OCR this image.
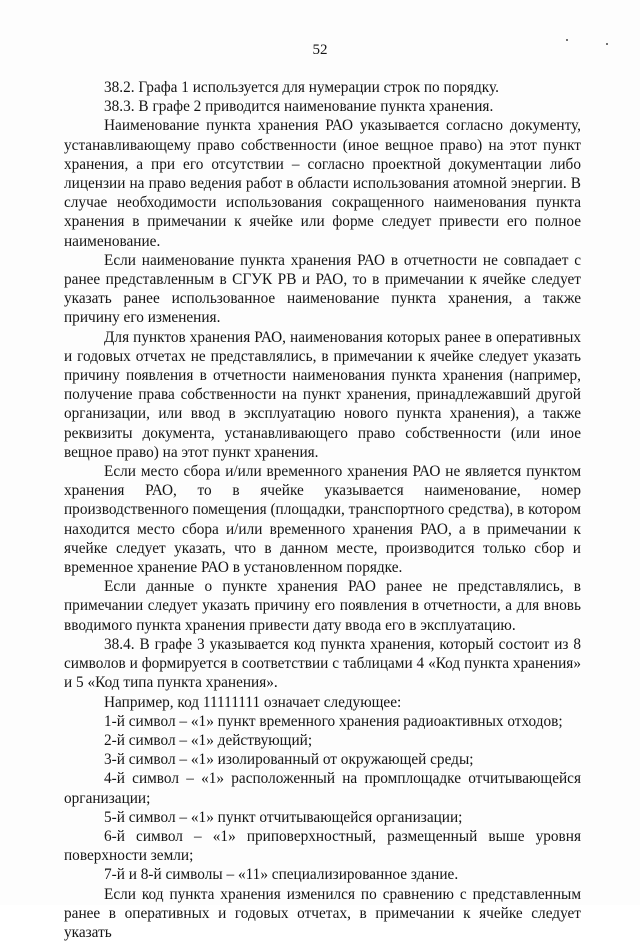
52

38.2. Графа 1 используется для нумерации строк по порядку.

38.3. В графе 2 приводится наименование пункта хранения.

Наименование пункта хранения РАО указывается согласно документу, устанавливающему право собственности (иное вещное право) на этот пункт хранения, а при его отсутствии – согласно проектной документации либо лицензии на право ведения работ в области использования атомной энергии. В случае необходимости использования сокращенного наименования пункта хранения в примечании к ячейке или форме следует привести его полное наименование.

Если наименование пункта хранения РАО в отчетности не совпадает с ранее представленным в СГУК РВ и РАО, то в примечании к ячейке следует указать ранее использованное наименование пункта хранения, а также причину его изменения.

Для пунктов хранения РАО, наименования которых ранее в оперативных и годовых отчетах не представлялись, в примечании к ячейке следует указать причину появления в отчетности наименования пункта хранения (например, получение права собственности на пункт хранения, принадлежавший другой организации, или ввод в эксплуатацию нового пункта хранения), а также реквизиты документа, устанавливающего право собственности (или иное вещное право) на этот пункт хранения.

Если место сбора и/или временного хранения РАО не является пунктом хранения РАО, то в ячейке указывается наименование, номер производственного помещения (площадки, транспортного средства), в котором находится место сбора и/или временного хранения РАО, а в примечании к ячейке следует указать, что в данном месте, производится только сбор и временное хранение РАО в установленном порядке.

Если данные о пункте хранения РАО ранее не представлялись, в примечании следует указать причину его появления в отчетности, а для вновь вводимого пункта хранения привести дату ввода его в эксплуатацию.

38.4. В графе 3 указывается код пункта хранения, который состоит из 8 символов и формируется в соответствии с таблицами 4 «Код пункта хранения» и 5 «Код типа пункта хранения».

Например, код 11111111 означает следующее:

1-й символ – «1» пункт временного хранения радиоактивных отходов;

2-й символ – «1» действующий;

3-й символ – «1» изолированный от окружающей среды;

4-й символ – «1» расположенный на промплощадке отчитывающейся организации;

5-й символ – «1» пункт отчитывающейся организации;

6-й символ – «1» приповерхностный, размещенный выше уровня поверхности земли;

7-й и 8-й символы – «11» специализированное здание.

Если код пункта хранения изменился по сравнению с представленным ранее в оперативных и годовых отчетах, в примечании к ячейке следует указать
